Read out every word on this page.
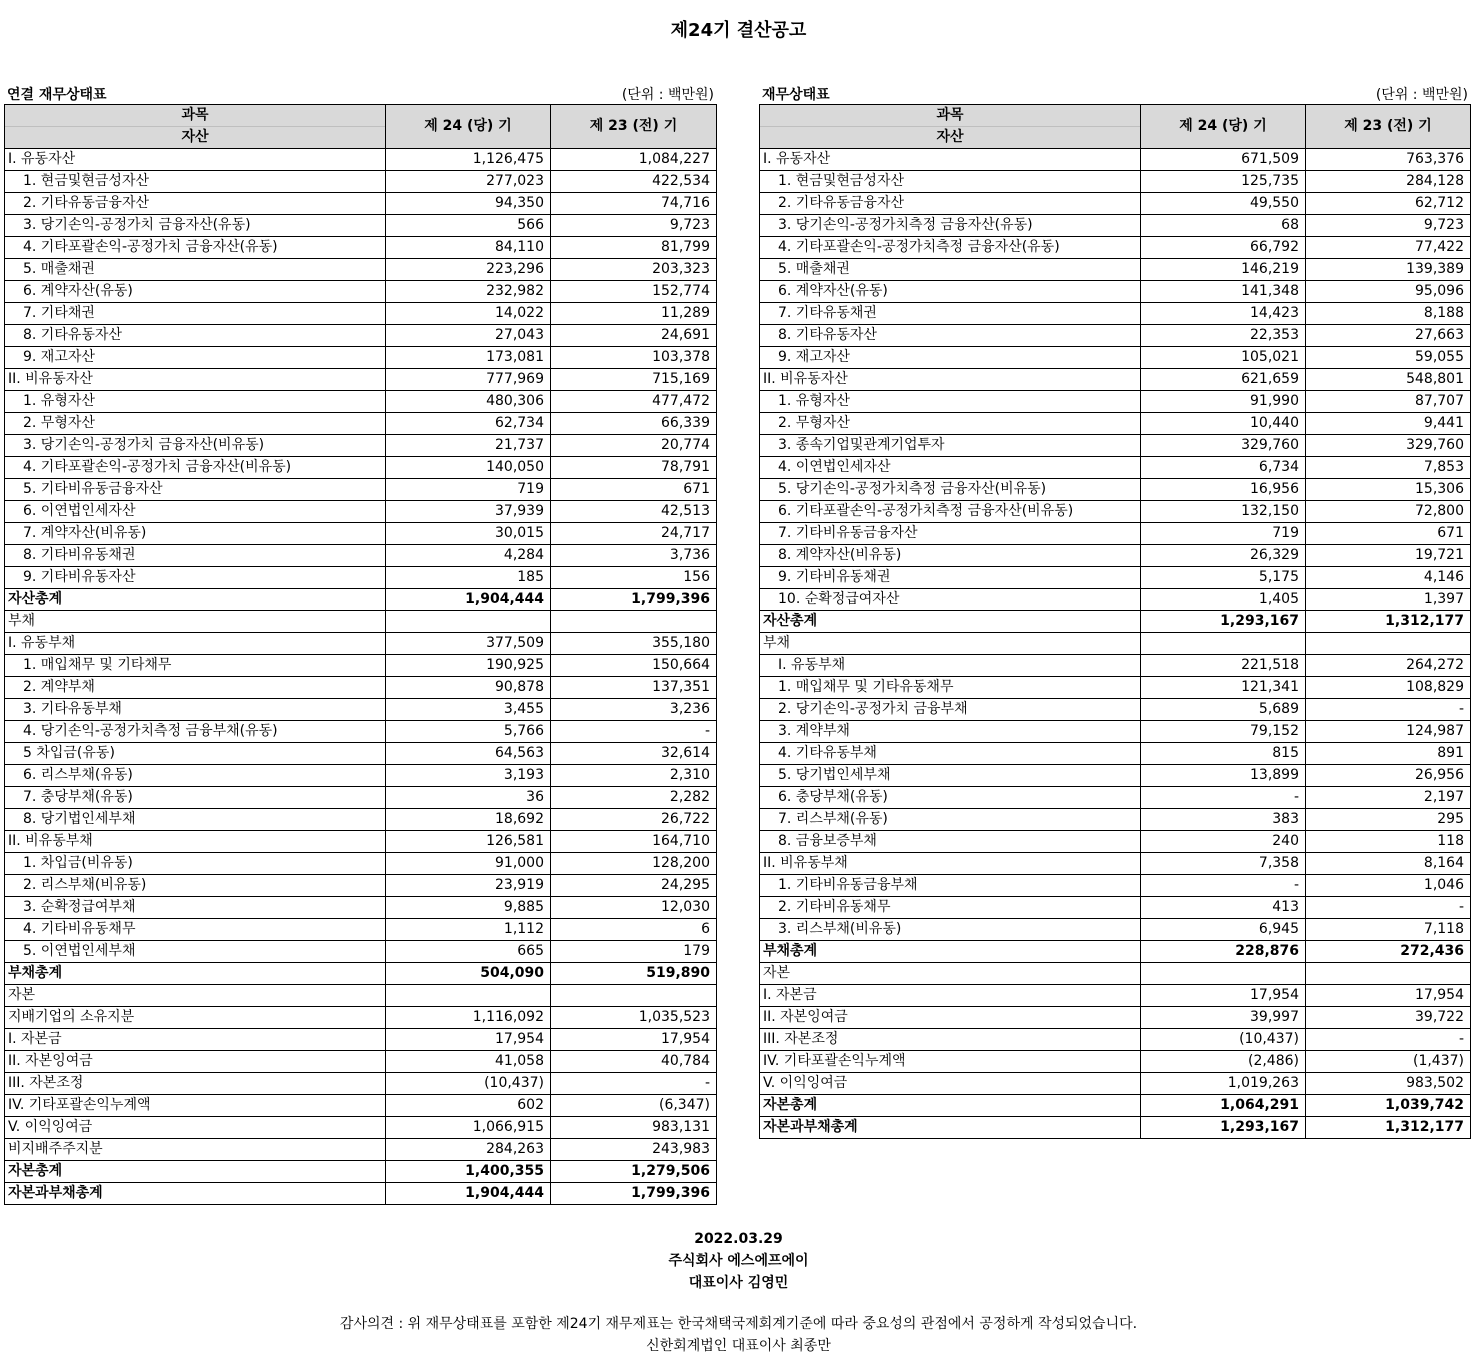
제24기 결산공고
연결 재무상태표	(단위 : 백만원)
과목
자산	제 24 (당) 기	제 23 (전) 기
I. 유동자산	1,126,475	1,084,227
1. 현금및현금성자산	277,023	422,534
2. 기타유동금융자산	94,350	74,716
3. 당기손익-공정가치 금융자산(유동)	566	9,723
4. 기타포괄손익-공정가치 금융자산(유동)	84,110	81,799
5. 매출채권	223,296	203,323
6. 계약자산(유동)	232,982	152,774
7. 기타채권	14,022	11,289
8. 기타유동자산	27,043	24,691
9. 재고자산	173,081	103,378
II. 비유동자산	777,969	715,169
1. 유형자산	480,306	477,472
2. 무형자산	62,734	66,339
3. 당기손익-공정가치 금융자산(비유동)	21,737	20,774
4. 기타포괄손익-공정가치 금융자산(비유동)	140,050	78,791
5. 기타비유동금융자산	719	671
6. 이연법인세자산	37,939	42,513
7. 계약자산(비유동)	30,015	24,717
8. 기타비유동채권	4,284	3,736
9. 기타비유동자산	185	156
자산총계	1,904,444	1,799,396
부채		
I. 유동부채	377,509	355,180
1. 매입채무 및 기타채무	190,925	150,664
2. 계약부채	90,878	137,351
3. 기타유동부채	3,455	3,236
4. 당기손익-공정가치측정 금융부채(유동)	5,766	-
5 차입금(유동)	64,563	32,614
6. 리스부채(유동)	3,193	2,310
7. 충당부채(유동)	36	2,282
8. 당기법인세부채	18,692	26,722
II. 비유동부채	126,581	164,710
1. 차입금(비유동)	91,000	128,200
2. 리스부채(비유동)	23,919	24,295
3. 순확정급여부채	9,885	12,030
4. 기타비유동채무	1,112	6
5. 이연법인세부채	665	179
부채총계	504,090	519,890
자본		
지배기업의 소유지분	1,116,092	1,035,523
I. 자본금	17,954	17,954
II. 자본잉여금	41,058	40,784
III. 자본조정	(10,437)	-
IV. 기타포괄손익누계액	602	(6,347)
V. 이익잉여금	1,066,915	983,131
비지배주주지분	284,263	243,983
자본총계	1,400,355	1,279,506
자본과부채총계	1,904,444	1,799,396
재무상태표	(단위 : 백만원)
과목
자산	제 24 (당) 기	제 23 (전) 기
I. 유동자산	671,509	763,376
1. 현금및현금성자산	125,735	284,128
2. 기타유동금융자산	49,550	62,712
3. 당기손익-공정가치측정 금융자산(유동)	68	9,723
4. 기타포괄손익-공정가치측정 금융자산(유동)	66,792	77,422
5. 매출채권	146,219	139,389
6. 계약자산(유동)	141,348	95,096
7. 기타유동채권	14,423	8,188
8. 기타유동자산	22,353	27,663
9. 재고자산	105,021	59,055
II. 비유동자산	621,659	548,801
1. 유형자산	91,990	87,707
2. 무형자산	10,440	9,441
3. 종속기업및관계기업투자	329,760	329,760
4. 이연법인세자산	6,734	7,853
5. 당기손익-공정가치측정 금융자산(비유동)	16,956	15,306
6. 기타포괄손익-공정가치측정 금융자산(비유동)	132,150	72,800
7. 기타비유동금융자산	719	671
8. 계약자산(비유동)	26,329	19,721
9. 기타비유동채권	5,175	4,146
10. 순확정급여자산	1,405	1,397
자산총계	1,293,167	1,312,177
부채		
I. 유동부채	221,518	264,272
1. 매입채무 및 기타유동채무	121,341	108,829
2. 당기손익-공정가치 금융부채	5,689	-
3. 계약부채	79,152	124,987
4. 기타유동부채	815	891
5. 당기법인세부채	13,899	26,956
6. 충당부채(유동)	-	2,197
7. 리스부채(유동)	383	295
8. 금융보증부채	240	118
II. 비유동부채	7,358	8,164
1. 기타비유동금융부채	-	1,046
2. 기타비유동채무	413	-
3. 리스부채(비유동)	6,945	7,118
부채총계	228,876	272,436
자본		
I. 자본금	17,954	17,954
II. 자본잉여금	39,997	39,722
III. 자본조정	(10,437)	-
IV. 기타포괄손익누계액	(2,486)	(1,437)
V. 이익잉여금	1,019,263	983,502
자본총계	1,064,291	1,039,742
자본과부채총계	1,293,167	1,312,177
2022.03.29
주식회사 에스에프에이
대표이사 김영민
감사의견 : 위 재무상태표를 포함한 제24기 재무제표는 한국채택국제회계기준에 따라 중요성의 관점에서 공정하게 작성되었습니다.
신한회계법인 대표이사 최종만
